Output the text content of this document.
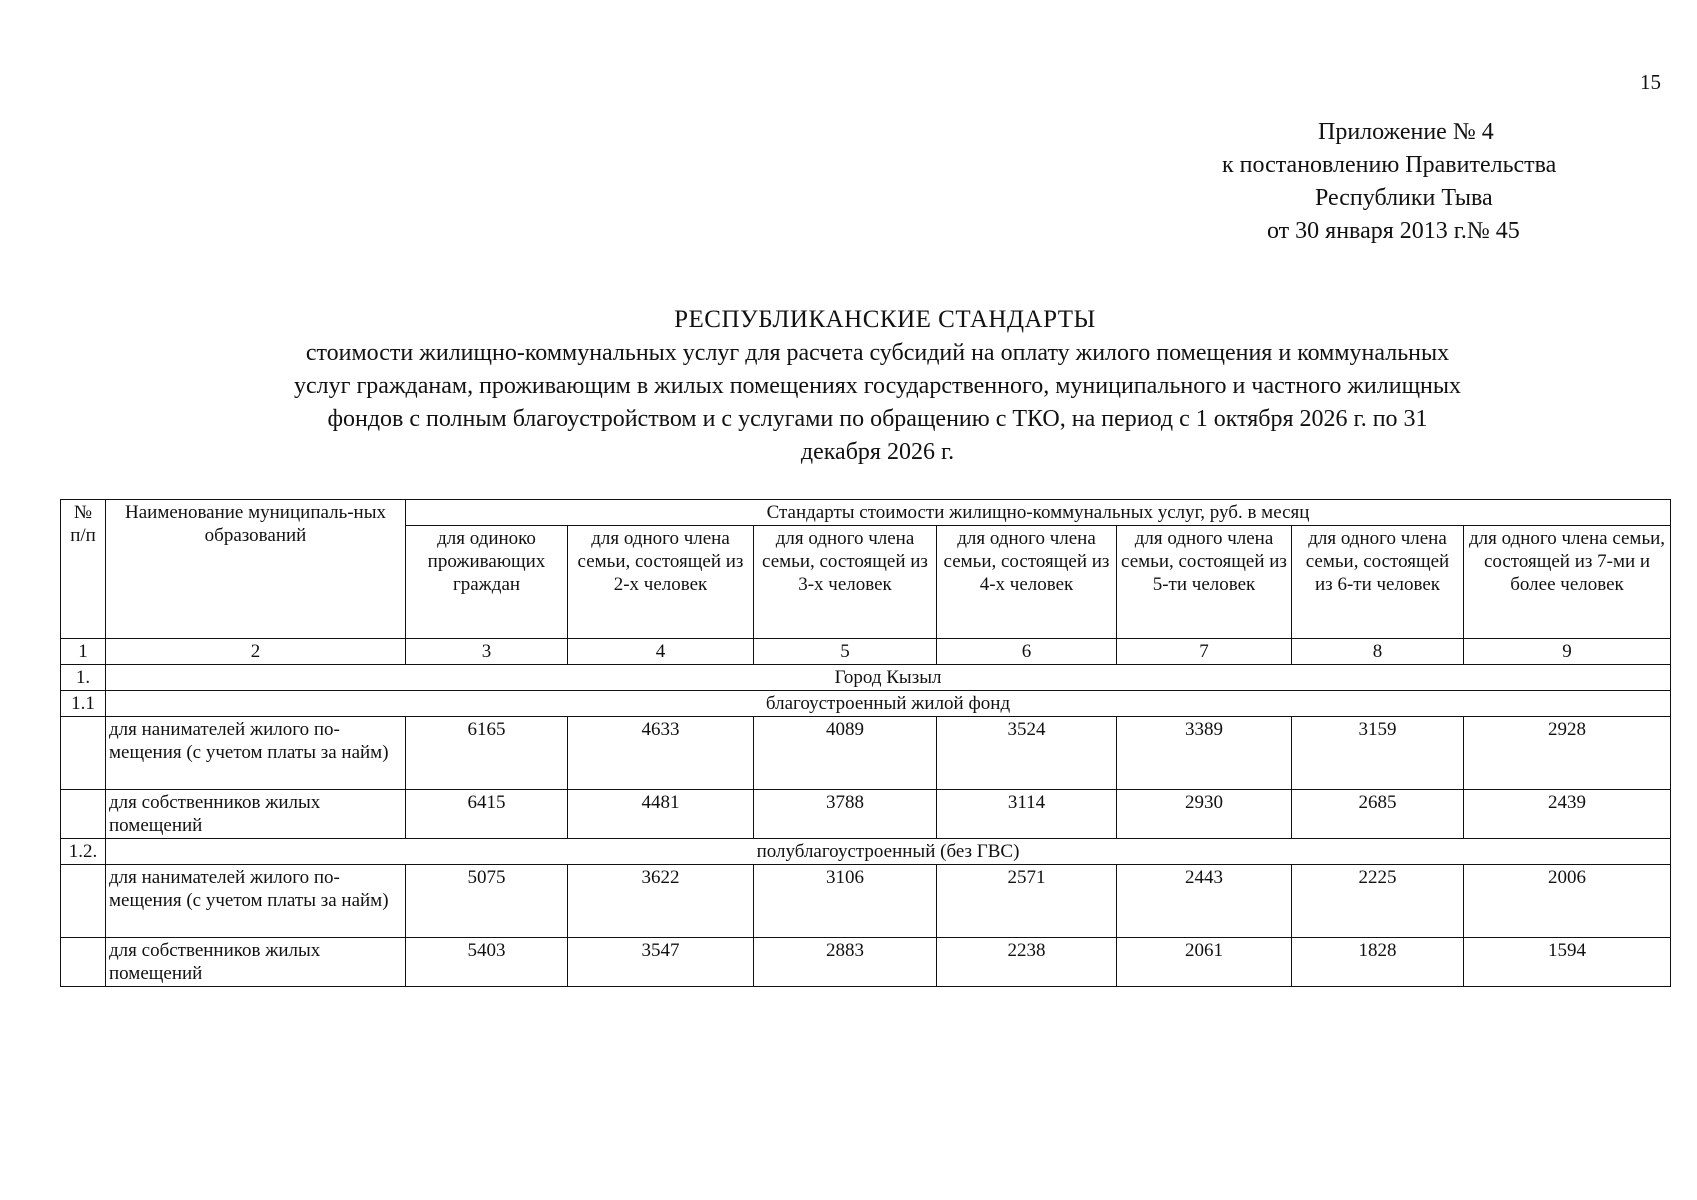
15
Приложение № 4
к постановлению Правительства
Республики Тыва
от 30 января 2013 г.№ 45
РЕСПУБЛИКАНСКИЕ СТАНДАРТЫ
стоимости жилищно-коммунальных услуг для расчета субсидий на оплату жилого помещения и коммунальных услуг гражданам, проживающим в жилых помещениях государственного, муниципального и частного жилищных фондов с полным благоустройством и с услугами по обращению с ТКО, на период с 1 октября 2026 г. по 31 декабря 2026 г.
№ п/п	Наименование муниципаль-ных образований	Стандарты стоимости жилищно-коммунальных услуг, руб. в месяц						
		для одиноко проживающих граждан	для одного члена семьи, состоящей из 2-х человек	для одного члена семьи, состоящей из 3-х человек	для одного члена семьи, состоящей из 4-х человек	для одного члена семьи, состоящей из 5-ти человек	для одного члена семьи, состоящей из 6-ти человек	для одного члена семьи, состоящей из 7-ми и более человек
1	2	3	4	5	6	7	8	9
1.	Город Кызыл							
1.1	благоустроенный жилой фонд							
	для нанимателей жилого по-мещения (с учетом платы за найм)	6165	4633	4089	3524	3389	3159	2928
	для собственников жилых помещений	6415	4481	3788	3114	2930	2685	2439
1.2.	полублагоустроенный (без ГВС)							
	для нанимателей жилого по-мещения (с учетом платы за найм)	5075	3622	3106	2571	2443	2225	2006
	для собственников жилых помещений	5403	3547	2883	2238	2061	1828	1594
